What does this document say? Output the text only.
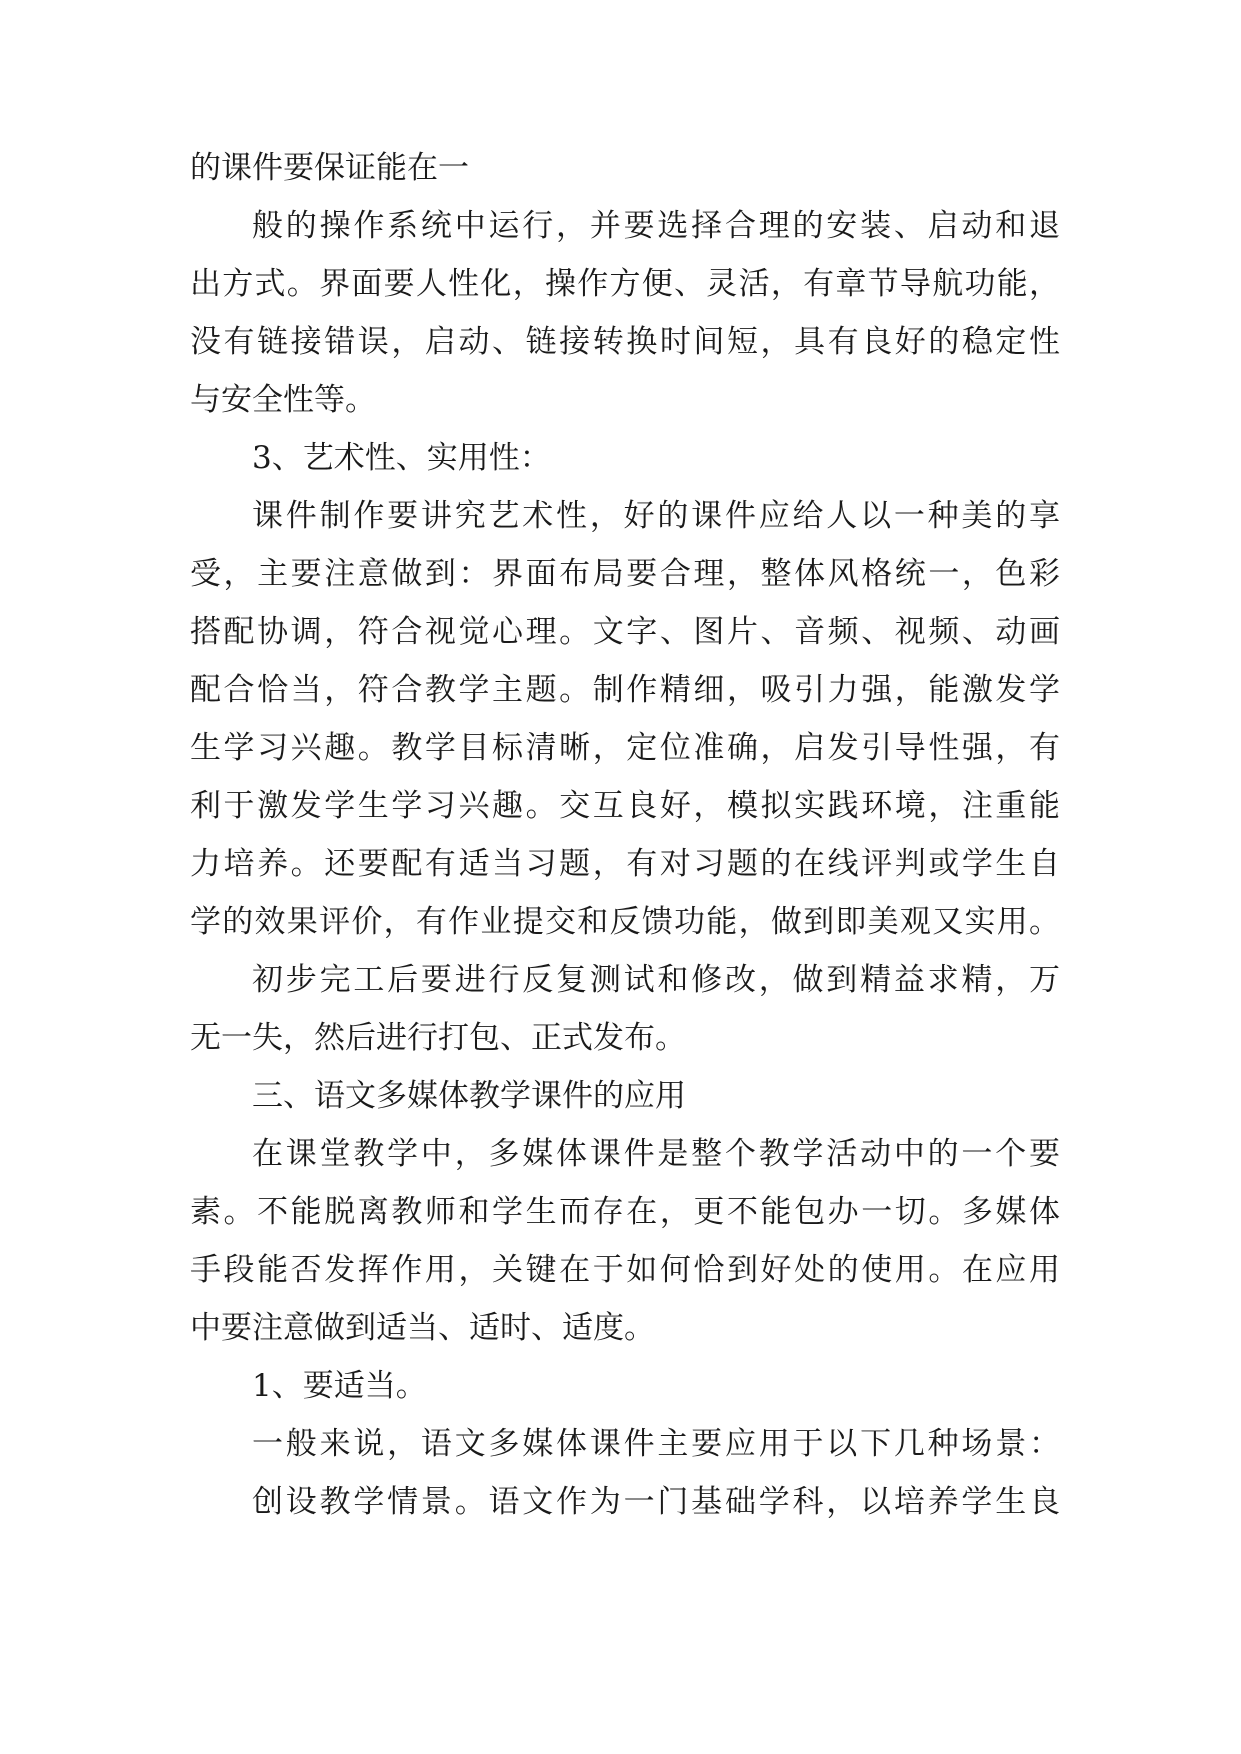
的课件要保证能在一
般的操作系统中运行，并要选择合理的安装、启动和退
出方式。界面要人性化，操作方便、灵活，有章节导航功能，
没有链接错误，启动、链接转换时间短，具有良好的稳定性
与安全性等。
3、艺术性、实用性：
课件制作要讲究艺术性，好的课件应给人以一种美的享
受，主要注意做到：界面布局要合理，整体风格统一，色彩
搭配协调，符合视觉心理。文字、图片、音频、视频、动画
配合恰当，符合教学主题。制作精细，吸引力强，能激发学
生学习兴趣。教学目标清晰，定位准确，启发引导性强，有
利于激发学生学习兴趣。交互良好，模拟实践环境，注重能
力培养。还要配有适当习题，有对习题的在线评判或学生自
学的效果评价，有作业提交和反馈功能，做到即美观又实用。
初步完工后要进行反复测试和修改，做到精益求精，万
无一失，然后进行打包、正式发布。
三、语文多媒体教学课件的应用
在课堂教学中，多媒体课件是整个教学活动中的一个要
素。不能脱离教师和学生而存在，更不能包办一切。多媒体
手段能否发挥作用，关键在于如何恰到好处的使用。在应用
中要注意做到适当、适时、适度。
1、要适当。
一般来说，语文多媒体课件主要应用于以下几种场景：
创设教学情景。语文作为一门基础学科，以培养学生良
